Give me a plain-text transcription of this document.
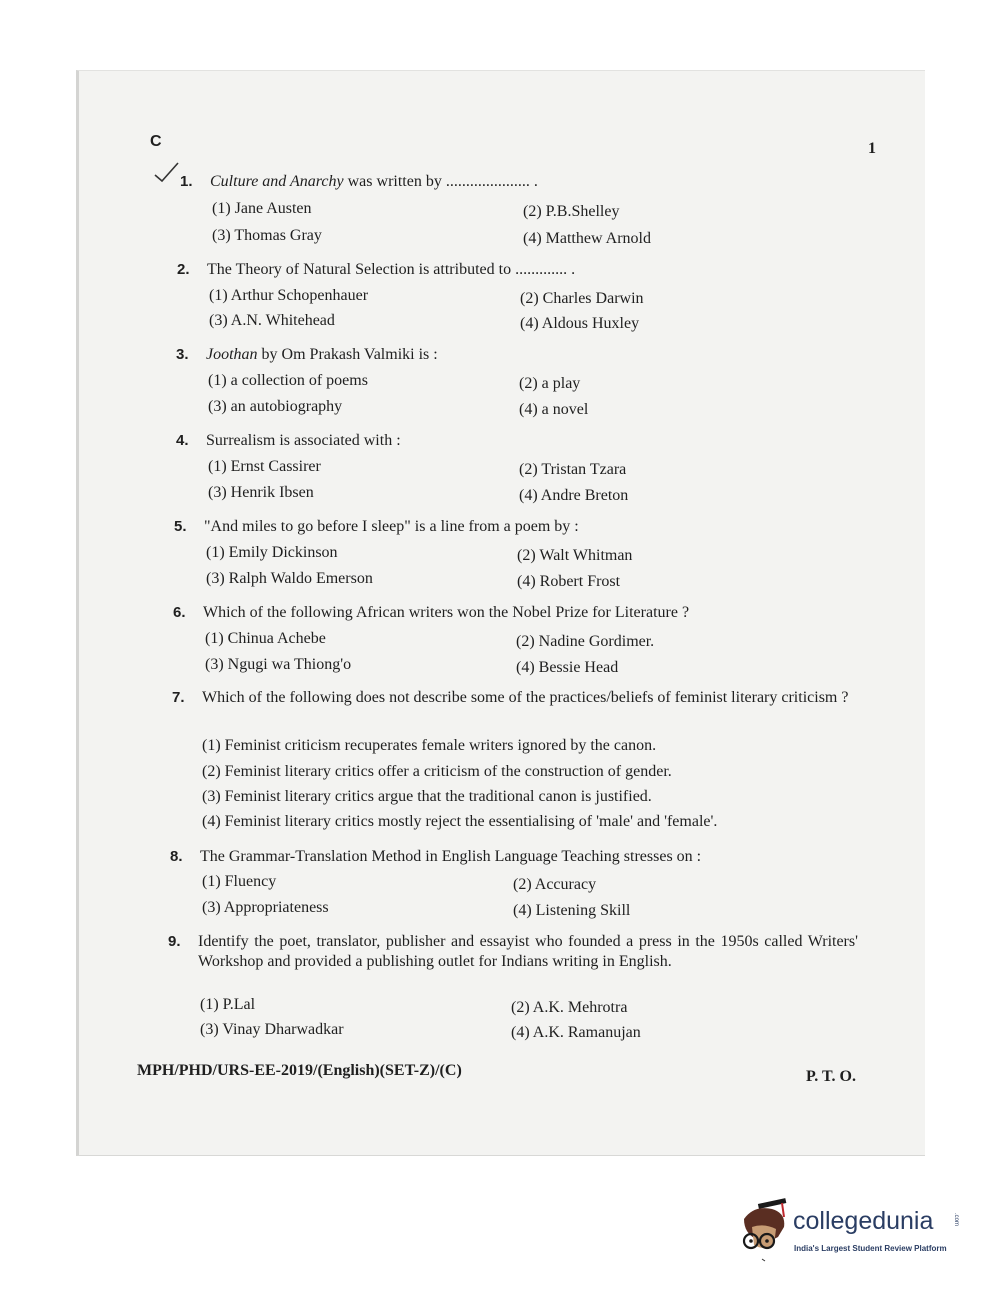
C	1
1. Culture and Anarchy was written by ..................... .
(1) Jane Austen	(2) P.B.Shelley
(3) Thomas Gray	(4) Matthew Arnold
2. The Theory of Natural Selection is attributed to ............. .
(1) Arthur Schopenhauer	(2) Charles Darwin
(3) A.N. Whitehead	(4) Aldous Huxley
3. Joothan by Om Prakash Valmiki is :
(1) a collection of poems	(2) a play
(3) an autobiography	(4) a novel
4. Surrealism is associated with :
(1) Ernst Cassirer	(2) Tristan Tzara
(3) Henrik Ibsen	(4) Andre Breton
5. "And miles to go before I sleep" is a line from a poem by :
(1) Emily Dickinson	(2) Walt Whitman
(3) Ralph Waldo Emerson	(4) Robert Frost
6. Which of the following African writers won the Nobel Prize for Literature ?
(1) Chinua Achebe	(2) Nadine Gordimer.
(3) Ngugi wa Thiong'o	(4) Bessie Head
7. Which of the following does not describe some of the practices/beliefs of feminist literary criticism ?
(1) Feminist criticism recuperates female writers ignored by the canon.
(2) Feminist literary critics offer a criticism of the construction of gender.
(3) Feminist literary critics argue that the traditional canon is justified.
(4) Feminist literary critics mostly reject the essentialising of 'male' and 'female'.
8. The Grammar-Translation Method in English Language Teaching stresses on :
(1) Fluency	(2) Accuracy
(3) Appropriateness	(4) Listening Skill
9. Identify the poet, translator, publisher and essayist who founded a press in the 1950s called Writers' Workshop and provided a publishing outlet for Indians writing in English.
(1) P.Lal	(2) A.K. Mehrotra
(3) Vinay Dharwadkar	(4) A.K. Ramanujan
MPH/PHD/URS-EE-2019/(English)(SET-Z)/(C)	P. T. O.
collegedunia	.com
India's Largest Student Review Platform
